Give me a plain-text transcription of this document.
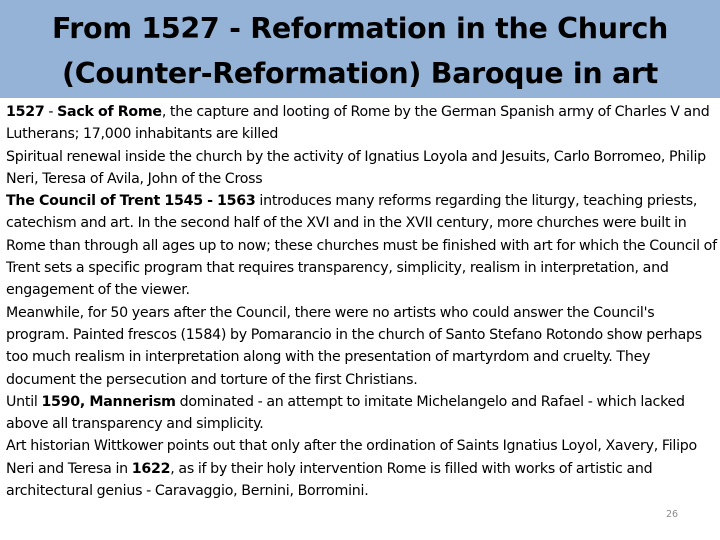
From 1527 - Reformation in the Church
(Counter-Reformation) Baroque in art

1527 - Sack of Rome, the capture and looting of Rome by the German Spanish army of Charles V and Lutherans; 17,000 inhabitants are killed

Spiritual renewal inside the church by the activity of Ignatius Loyola and Jesuits, Carlo Borromeo, Philip Neri, Teresa of Avila, John of the Cross

The Council of Trent 1545 - 1563 introduces many reforms regarding the liturgy, teaching priests, catechism and art. In the second half of the XVI and in the XVII century, more churches were built in Rome than through all ages up to now; these churches must be finished with art for which the Council of Trent sets a specific program that requires transparency, simplicity, realism in interpretation, and engagement of the viewer.

Meanwhile, for 50 years after the Council, there were no artists who could answer the Council's program. Painted frescos (1584) by Pomarancio in the church of Santo Stefano Rotondo show perhaps too much realism in interpretation along with the presentation of martyrdom and cruelty. They document the persecution and torture of the first Christians.

Until 1590, Mannerism dominated - an attempt to imitate Michelangelo and Rafael - which lacked above all transparency and simplicity.

Art historian Wittkower points out that only after the ordination of Saints Ignatius Loyol, Xavery, Filipo Neri and Teresa in 1622, as if by their holy intervention Rome is filled with works of artistic and architectural genius - Caravaggio, Bernini, Borromini.

26
